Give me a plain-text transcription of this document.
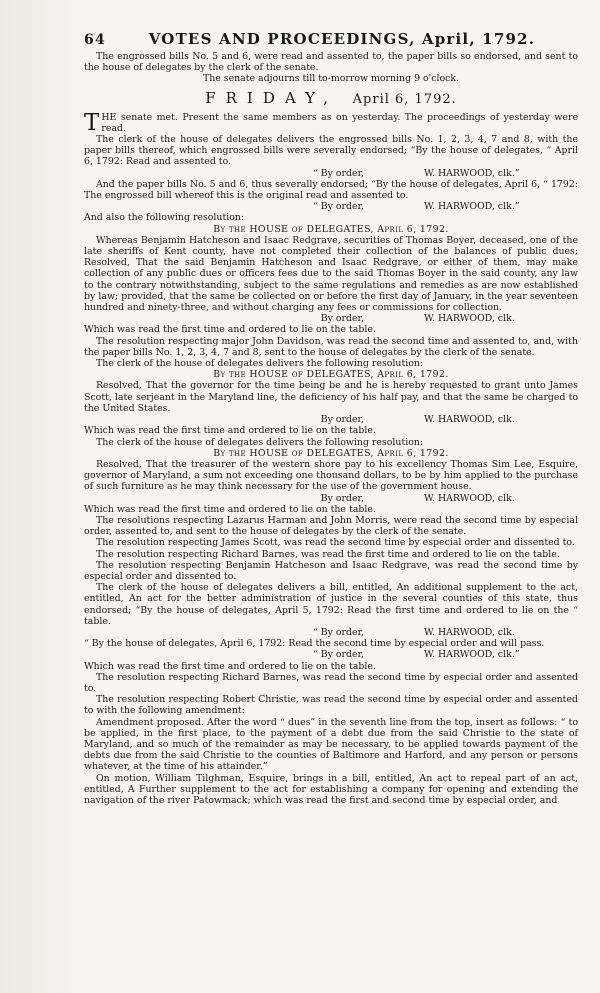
64	VOTES AND PROCEEDINGS, April, 1792.

The engrossed bills No. 5 and 6, were read and assented to, the paper bills so endorsed, and sent to the house of delegates by the clerk of the senate.

The senate adjourns till to-morrow morning 9 o'clock.

FRIDAY, April 6, 1792.

THE senate met. Present the same members as on yesterday. The proceedings of yesterday were read.

The clerk of the house of delegates delivers the engrossed bills No. 1, 2, 3, 4, 7 and 8, with the paper bills thereof, which engrossed bills were severally endorsed; “By the house of delegates, “ April 6, 1792: Read and assented to.

“ By order,	W. HARWOOD, clk.”

And the paper bills No. 5 and 6, thus severally endorsed; “By the house of delegates, April 6, “ 1792: The engrossed bill whereof this is the original read and assented to.

“ By order,	W. HARWOOD, clk.”

And also the following resolution:

By the HOUSE of DELEGATES, April 6, 1792.

Whereas Benjamin Hatcheson and Isaac Redgrave, securities of Thomas Boyer, deceased, one of the late sheriffs of Kent county, have not completed their collection of the balances of public dues; Resolved, That the said Benjamin Hatcheson and Isaac Redgrave, or either of them, may make collection of any public dues or officers fees due to the said Thomas Boyer in the said county, any law to the contrary notwithstanding, subject to the same regulations and remedies as are now established by law; provided, that the same be collected on or before the first day of January, in the year seventeen hundred and ninety-three, and without charging any fees or commissions for collection.

By order,	W. HARWOOD, clk.

Which was read the first time and ordered to lie on the table.

The resolution respecting major John Davidson, was read the second time and assented to, and, with the paper bills No. 1, 2, 3, 4, 7 and 8, sent to the house of delegates by the clerk of the senate.

The clerk of the house of delegates delivers the following resolution:

By the HOUSE of DELEGATES, April 6, 1792.

Resolved, That the governor for the time being be and he is hereby requested to grant unto James Scott, late serjeant in the Maryland line, the deficiency of his half pay, and that the same be charged to the United States.

By order,	W. HARWOOD, clk.

Which was read the first time and ordered to lie on the table.

The clerk of the house of delegates delivers the following resolution:

By the HOUSE of DELEGATES, April 6, 1792.

Resolved, That the treasurer of the western shore pay to his excellency Thomas Sim Lee, Esquire, governor of Maryland, a sum not exceeding one thousand dollars, to be by him applied to the purchase of such furniture as he may think necessary for the use of the government house.

By order,	W. HARWOOD, clk.

Which was read the first time and ordered to lie on the table.

The resolutions respecting Lazarus Harman and John Morris, were read the second time by especial order, assented to, and sent to the house of delegates by the clerk of the senate.

The resolution respecting James Scott, was read the second time by especial order and dissented to.

The resolution respecting Richard Barnes, was read the first time and ordered to lie on the table.

The resolution respecting Benjamin Hatcheson and Isaac Redgrave, was read the second time by especial order and dissented to.

The clerk of the house of delegates delivers a bill, entitled, An additional supplement to the act, entitled, An act for the better administration of justice in the several counties of this state, thus endorsed; “By the house of delegates, April 5, 1792: Read the first time and ordered to lie on the “ table.

“ By order,	W. HARWOOD, clk.

“ By the house of delegates, April 6, 1792: Read the second time by especial order and will pass.

“ By order,	W. HARWOOD, clk.”

Which was read the first time and ordered to lie on the table.

The resolution respecting Richard Barnes, was read the second time by especial order and assented to.

The resolution respecting Robert Christie, was read the second time by especial order and assented to with the following amendment:

Amendment proposed. After the word “ dues” in the seventh line from the top, insert as follows: “ to be applied, in the first place, to the payment of a debt due from the said Christie to the state of Maryland, and so much of the remainder as may be necessary, to be applied towards payment of the debts due from the said Christie to the counties of Baltimore and Harford, and any person or persons whatever, at the time of his attainder.”

On motion, William Tilghman, Esquire, brings in a bill, entitled, An act to repeal part of an act, entitled, A Further supplement to the act for establishing a company for opening and extending the navigation of the river Patowmack; which was read the first and second time by especial order, and
